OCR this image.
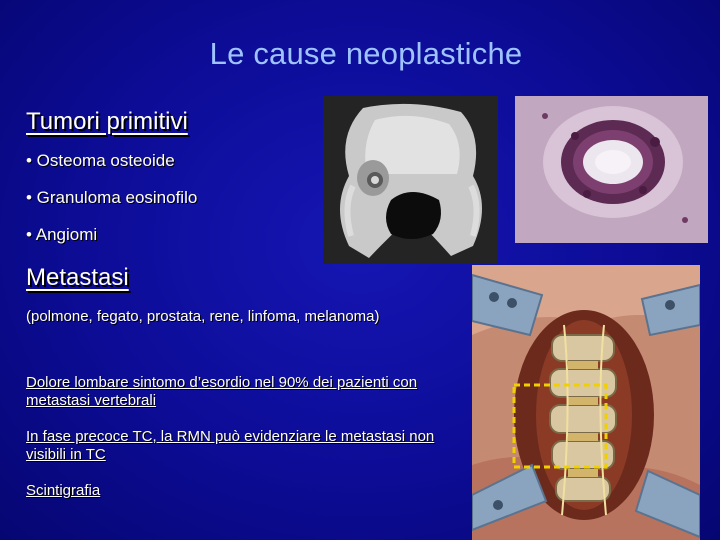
Le cause neoplastiche
Tumori primitivi
• Osteoma osteoide
• Granuloma eosinofilo
• Angiomi
Metastasi
(polmone, fegato, prostata, rene, linfoma, melanoma)
Dolore lombare sintomo d’esordio nel 90% dei pazienti con metastasi vertebrali
In fase precoce TC, la RMN può evidenziare le metastasi non visibili in TC
Scintigrafia
